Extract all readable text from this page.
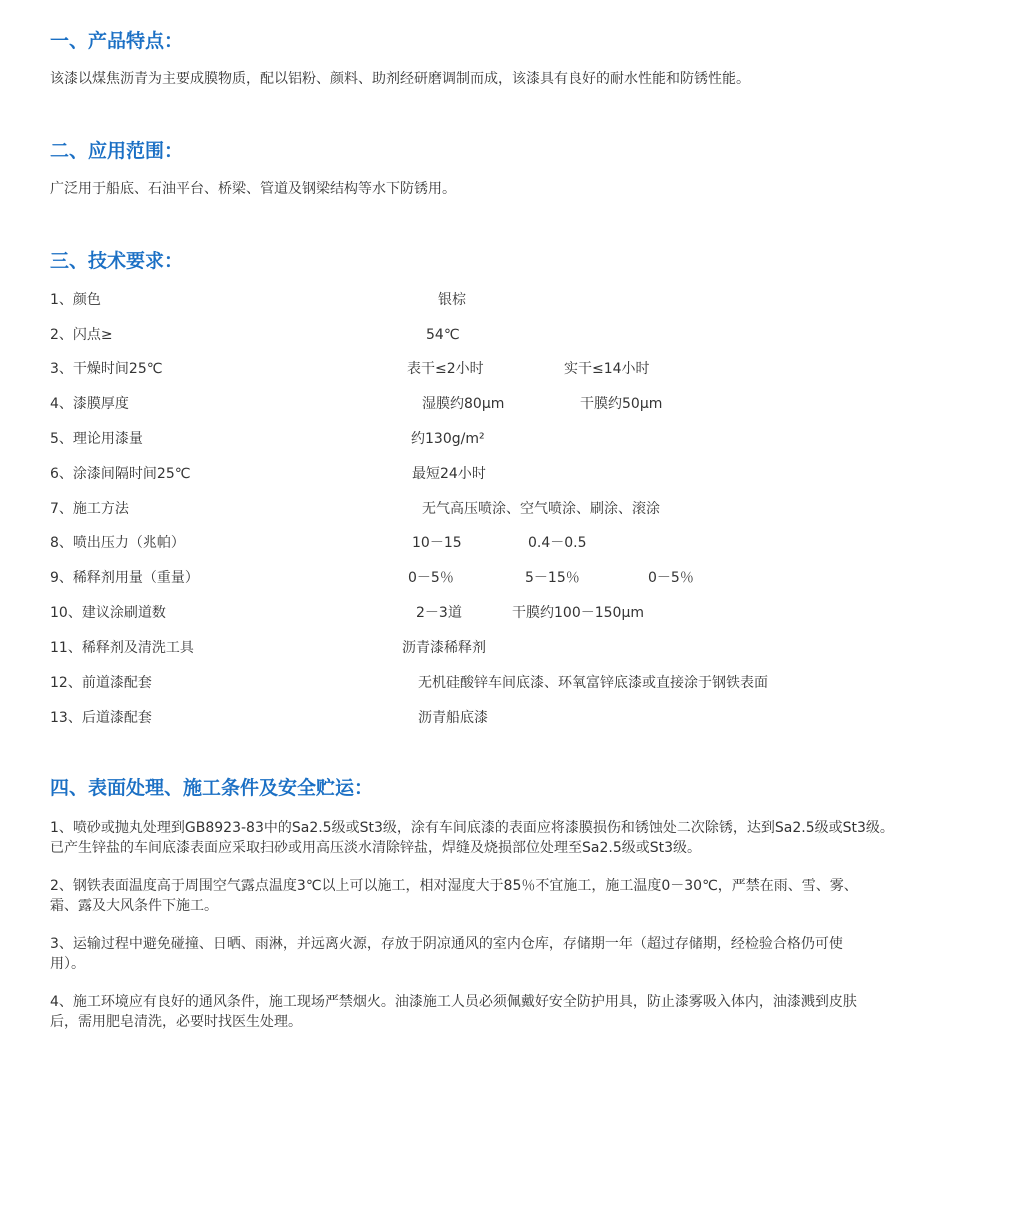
一、产品特点：

该漆以煤焦沥青为主要成膜物质，配以铝粉、颜料、助剂经研磨调制而成，该漆具有良好的耐水性能和防锈性能。

二、应用范围：

广泛用于船底、石油平台、桥梁、管道及钢梁结构等水下防锈用。

三、技术要求：
1、颜色	银棕
2、闪点≥	54℃
3、干燥时间25℃	表干≤2小时	实干≤14小时
4、漆膜厚度	湿膜约80μm	干膜约50μm
5、理论用漆量	约130g/m²
6、涂漆间隔时间25℃	最短24小时
7、施工方法	无气高压喷涂、空气喷涂、刷涂、滚涂
8、喷出压力（兆帕）	10－15	0.4－0.5
9、稀释剂用量（重量）	0－5％	5－15％	0－5％
10、建议涂刷道数	2－3道	干膜约100－150μm
11、稀释剂及清洗工具	沥青漆稀释剂
12、前道漆配套	无机硅酸锌车间底漆、环氧富锌底漆或直接涂于钢铁表面
13、后道漆配套	沥青船底漆
四、表面处理、施工条件及安全贮运：

1、喷砂或抛丸处理到GB8923-83中的Sa2.5级或St3级，涂有车间底漆的表面应将漆膜损伤和锈蚀处二次除锈，达到Sa2.5级或St3级。
已产生锌盐的车间底漆表面应采取扫砂或用高压淡水清除锌盐，焊缝及烧损部位处理至Sa2.5级或St3级。

2、钢铁表面温度高于周围空气露点温度3℃以上可以施工，相对湿度大于85％不宜施工，施工温度0－30℃，严禁在雨、雪、雾、
霜、露及大风条件下施工。

3、运输过程中避免碰撞、日晒、雨淋，并远离火源，存放于阴凉通风的室内仓库，存储期一年（超过存储期，经检验合格仍可使
用）。

4、施工环境应有良好的通风条件，施工现场严禁烟火。油漆施工人员必须佩戴好安全防护用具，防止漆雾吸入体内，油漆溅到皮肤
后，需用肥皂清洗，必要时找医生处理。
